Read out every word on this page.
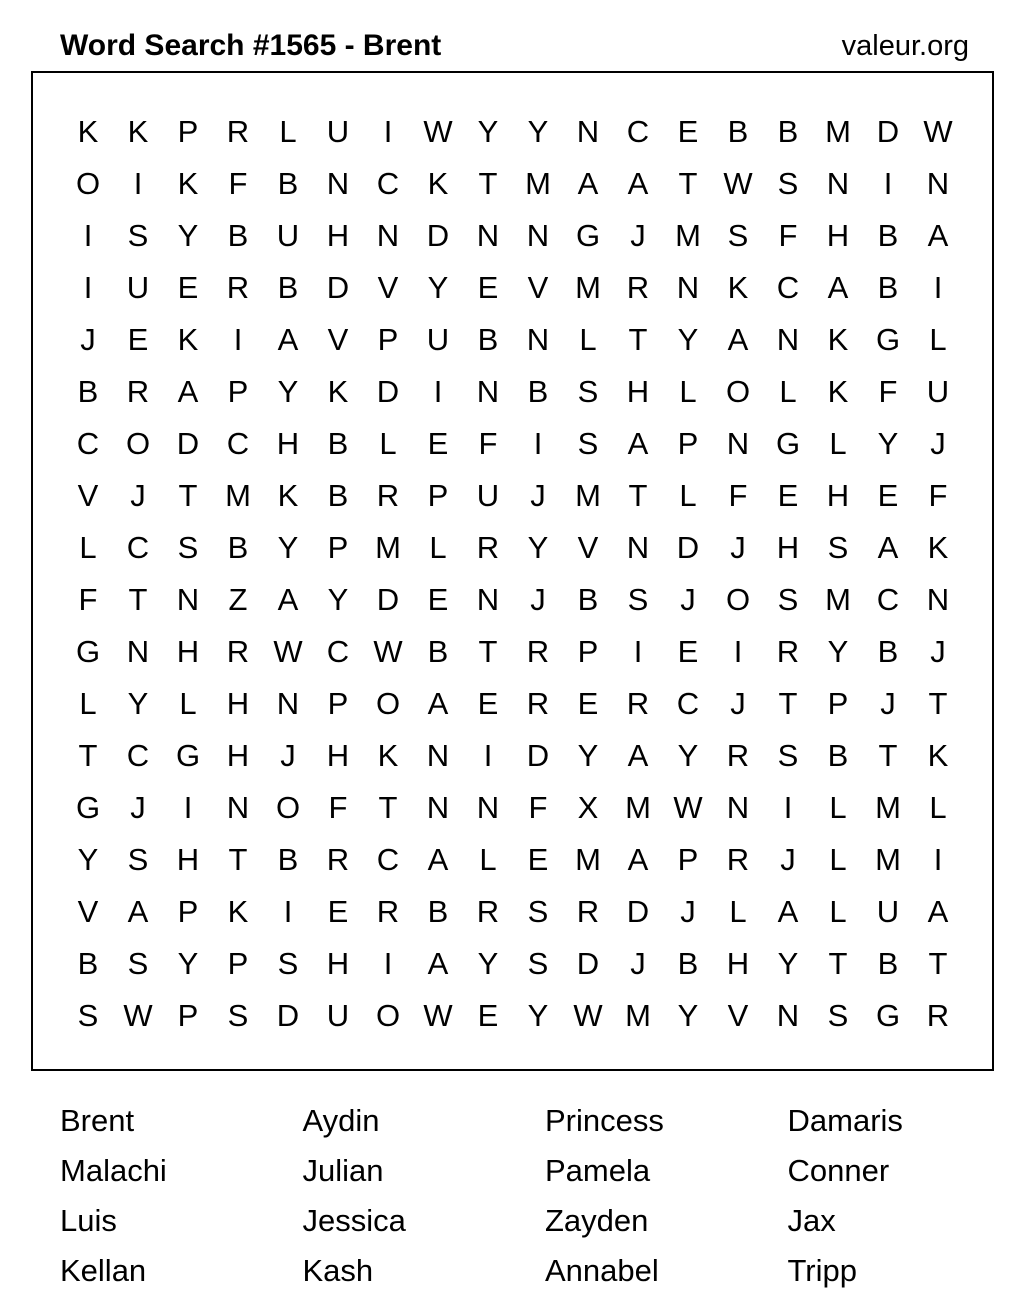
Word Search #1565 - Brent	valeur.org
K K P R L U	I	W Y Y N C E B B M D W
O	I	K F B N C K T M A A T W S N	I	N
I	S Y B U H N D N N G J M S F H B A
I	U E R B D V Y E V M R N K C A B	I
J	E K	I	A V P U B N L	T Y A N K G L
B R A P Y K D	I	N B S H L O L	K F U
C O D C H B	L	E F	I	S A P N G L	Y	J
V	J	T M K B R P U	J M T	L	F E H E F
L C S B Y P M L R Y V N D	J	H S A K
F	T N Z A Y D E N	J	B S	J O S M C N
G N H R W C W B T R P	I	E	I	R Y B	J
L	Y	L H N P O A E R E R C	J	T P	J	T
T C G H	J	H K N	I	D Y A Y R S B T K
G J	I	N O F	T N N F X M W N	I	L M L
Y S H T B R C A	L	E M A P R	J	L M	I
V A P K	I	E R B R S R D	J	L	A	L U A
B S Y P S H	I	A Y S D	J	B H Y T B T
S W P S D U O W E Y W M Y V N S G R
Brent	Aydin	Princess	Damaris
Malachi	Julian	Pamela	Conner
Luis	Jessica	Zayden	Jax
Kellan	Kash	Annabel	Tripp
